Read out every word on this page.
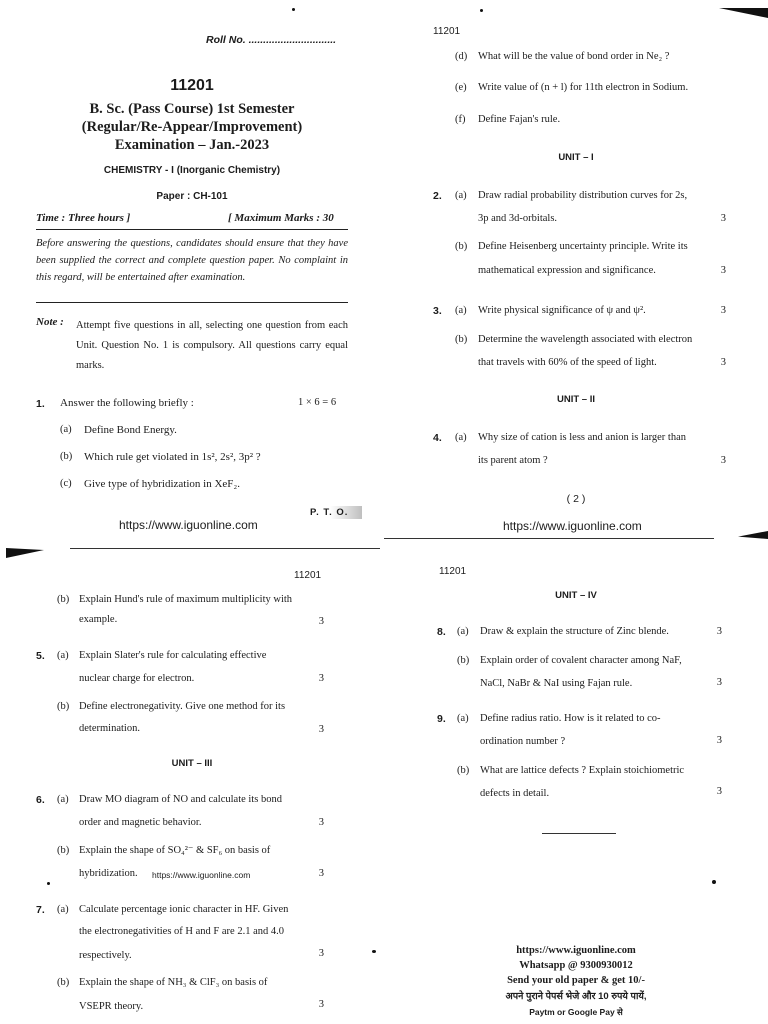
Roll No. ..............................
11201
B. Sc. (Pass Course) 1st Semester
(Regular/Re-Appear/Improvement)
Examination – Jan.-2023
CHEMISTRY - I (Inorganic Chemistry)
Paper : CH-101
Time : Three hours ]	[ Maximum Marks : 30
Before answering the questions, candidates should ensure that they have been supplied the correct and complete question paper. No complaint in this regard, will be entertained after examination.
Note : Attempt five questions in all, selecting one question from each Unit. Question No. 1 is compulsory. All questions carry equal marks.
1. Answer the following briefly :	1 × 6 = 6
(a) Define Bond Energy.
(b) Which rule get violated in 1s², 2s², 3p² ?
(c) Give type of hybridization in XeF₂.
P. T. O.
https://www.iguonline.com
11201
(d) What will be the value of bond order in Ne₂ ?
(e) Write value of (n + l) for 11th electron in Sodium.
(f) Define Fajan's rule.
UNIT – I
2. (a) Draw radial probability distribution curves for 2s,
3p and 3d-orbitals.	3
(b) Define Heisenberg uncertainty principle. Write its
mathematical expression and significance.	3
3. (a) Write physical significance of ψ and ψ².	3
(b) Determine the wavelength associated with electron
that travels with 60% of the speed of light.	3
UNIT – II
4. (a) Why size of cation is less and anion is larger than
its parent atom ?	3
( 2 )
https://www.iguonline.com
11201
(b) Explain Hund's rule of maximum multiplicity with
example.	3
5. (a) Explain Slater's rule for calculating effective
nuclear charge for electron.	3
(b) Define electronegativity. Give one method for its
determination.	3
UNIT – III
6. (a) Draw MO diagram of NO and calculate its bond
order and magnetic behavior.	3
(b) Explain the shape of SO₄²⁻ & SF₆ on basis of
hybridization. https://www.iguonline.com	3
7. (a) Calculate percentage ionic character in HF. Given
the electronegativities of H and F are 2.1 and 4.0
respectively.	3
(b) Explain the shape of NH₃ & ClF₃ on basis of
VSEPR theory.	3
11201
UNIT – IV
8. (a) Draw & explain the structure of Zinc blende.	3
(b) Explain order of covalent character among NaF,
NaCl, NaBr & NaI using Fajan rule.	3
9. (a) Define radius ratio. How is it related to co-
ordination number ?	3
(b) What are lattice defects ? Explain stoichiometric
defects in detail.	3
https://www.iguonline.com
Whatsapp @ 9300930012
Send your old paper & get 10/-
अपने पुराने पेपर्स भेजे और 10 रुपये पायें,
Paytm or Google Pay से
